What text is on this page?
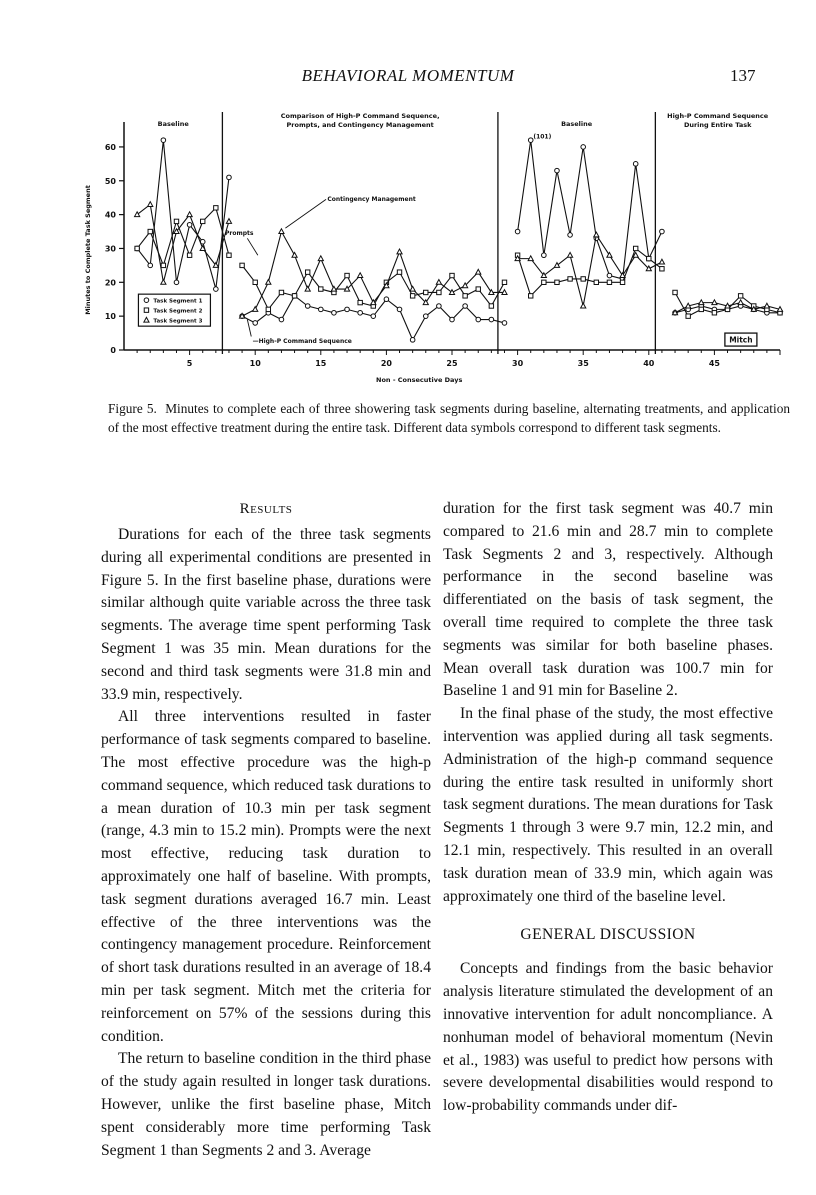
BEHAVIORAL MOMENTUM	137
0
10
20
30
40
50
60
5	10	15	20	25	30	35	40	45
Minutes to Complete Task Segment
Non - Consecutive Days
Baseline
Comparison of High-P Command Sequence, Prompts, and Contingency Management	Baseline
High-P Command Sequence During Entire Task
Contingency Management
Prompts
—High-P Command Sequence
(101)
Mitch
Task Segment 1
Task Segment 2
Task Segment 3
Figure 5. Minutes to complete each of three showering task segments during baseline, alternating treatments, and application of the most effective treatment during the entire task. Different data symbols correspond to different task segments.
Results

Durations for each of the three task segments during all experimental conditions are presented in Figure 5. In the first baseline phase, durations were similar although quite variable across the three task segments. The average time spent performing Task Segment 1 was 35 min. Mean durations for the second and third task segments were 31.8 min and 33.9 min, respectively.

All three interventions resulted in faster performance of task segments compared to baseline. The most effective procedure was the high-p command sequence, which reduced task durations to a mean duration of 10.3 min per task segment (range, 4.3 min to 15.2 min). Prompts were the next most effective, reducing task duration to approximately one half of baseline. With prompts, task segment durations averaged 16.7 min. Least effective of the three interventions was the contingency management procedure. Reinforcement of short task durations resulted in an average of 18.4 min per task segment. Mitch met the criteria for reinforcement on 57% of the sessions during this condition.

The return to baseline condition in the third phase of the study again resulted in longer task durations. However, unlike the first baseline phase, Mitch spent considerably more time performing Task Segment 1 than Segments 2 and 3. Average

duration for the first task segment was 40.7 min compared to 21.6 min and 28.7 min to complete Task Segments 2 and 3, respectively. Although performance in the second baseline was differentiated on the basis of task segment, the overall time required to complete the three task segments was similar for both baseline phases. Mean overall task duration was 100.7 min for Baseline 1 and 91 min for Baseline 2.

In the final phase of the study, the most effective intervention was applied during all task segments. Administration of the high-p command sequence during the entire task resulted in uniformly short task segment durations. The mean durations for Task Segments 1 through 3 were 9.7 min, 12.2 min, and 12.1 min, respectively. This resulted in an overall task duration mean of 33.9 min, which again was approximately one third of the baseline level.

GENERAL DISCUSSION

Concepts and findings from the basic behavior analysis literature stimulated the development of an innovative intervention for adult noncompliance. A nonhuman model of behavioral momentum (Nevin et al., 1983) was useful to predict how persons with severe developmental disabilities would respond to low-probability commands under dif-
